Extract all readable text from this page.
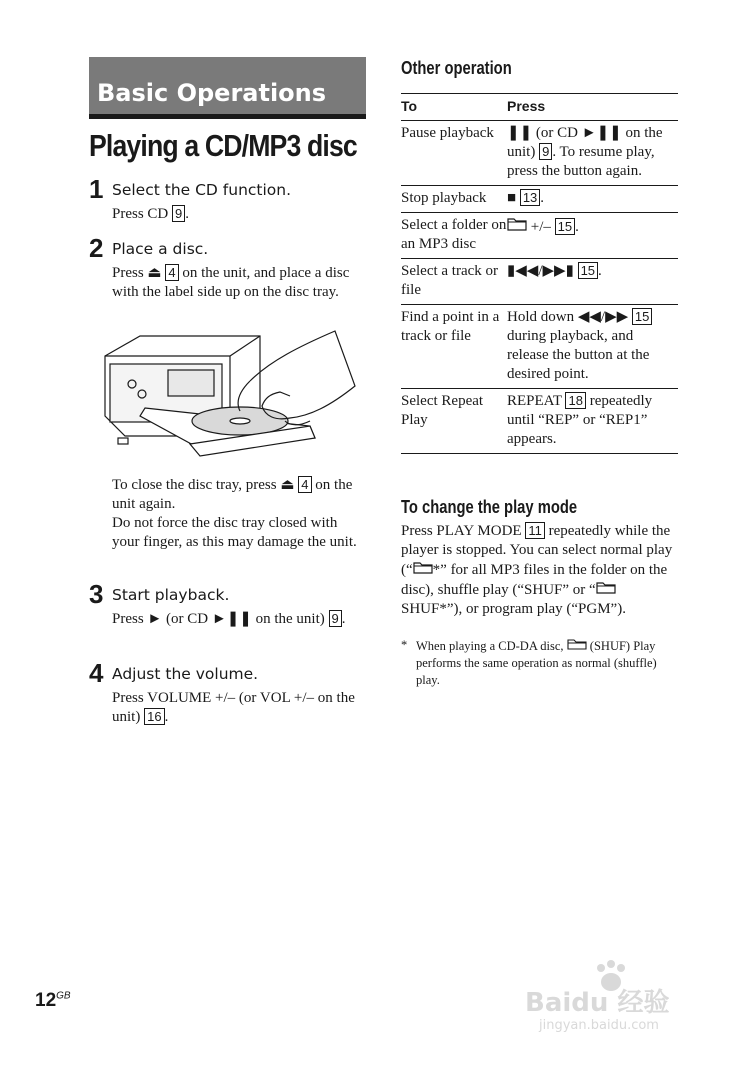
Basic Operations
Playing a CD/MP3 disc
1 Select the CD function.
Press CD 9 .
2 Place a disc.
Press ⏏ 4 on the unit, and place a disc with the label side up on the disc tray.
To close the disc tray, press ⏏ 4 on the unit again.
Do not force the disc tray closed with your finger, as this may damage the unit.
3 Start playback.
Press ► (or CD ►❚❚ on the unit) 9 .
4 Adjust the volume.
Press VOLUME +/– (or VOL +/– on the unit) 16 .
Other operation
To	Press
Pause playback	❚❚ (or CD ►❚❚ on the unit) 9 . To resume play, press the button again.
Stop playback	■ 13 .
Select a folder on an MP3 disc	+/– 15 .
Select a track or file	▮◀◀/▶▶▮ 15 .
Find a point in a track or file	Hold down ◀◀/▶▶ 15 during playback, and release the button at the desired point.
Select Repeat Play	REPEAT 18 repeatedly until “REP” or “REP1” appears.
To change the play mode
Press PLAY MODE 11 repeatedly while the player is stopped. You can select normal play (“ *” for all MP3 files in the folder on the disc), shuffle play (“SHUF” or “ SHUF*”), or program play (“PGM”).
* When playing a CD-DA disc,  (SHUF) Play performs the same operation as normal (shuffle) play.
$12^{GB}$	Baidu 经验
jingyan.baidu.com
